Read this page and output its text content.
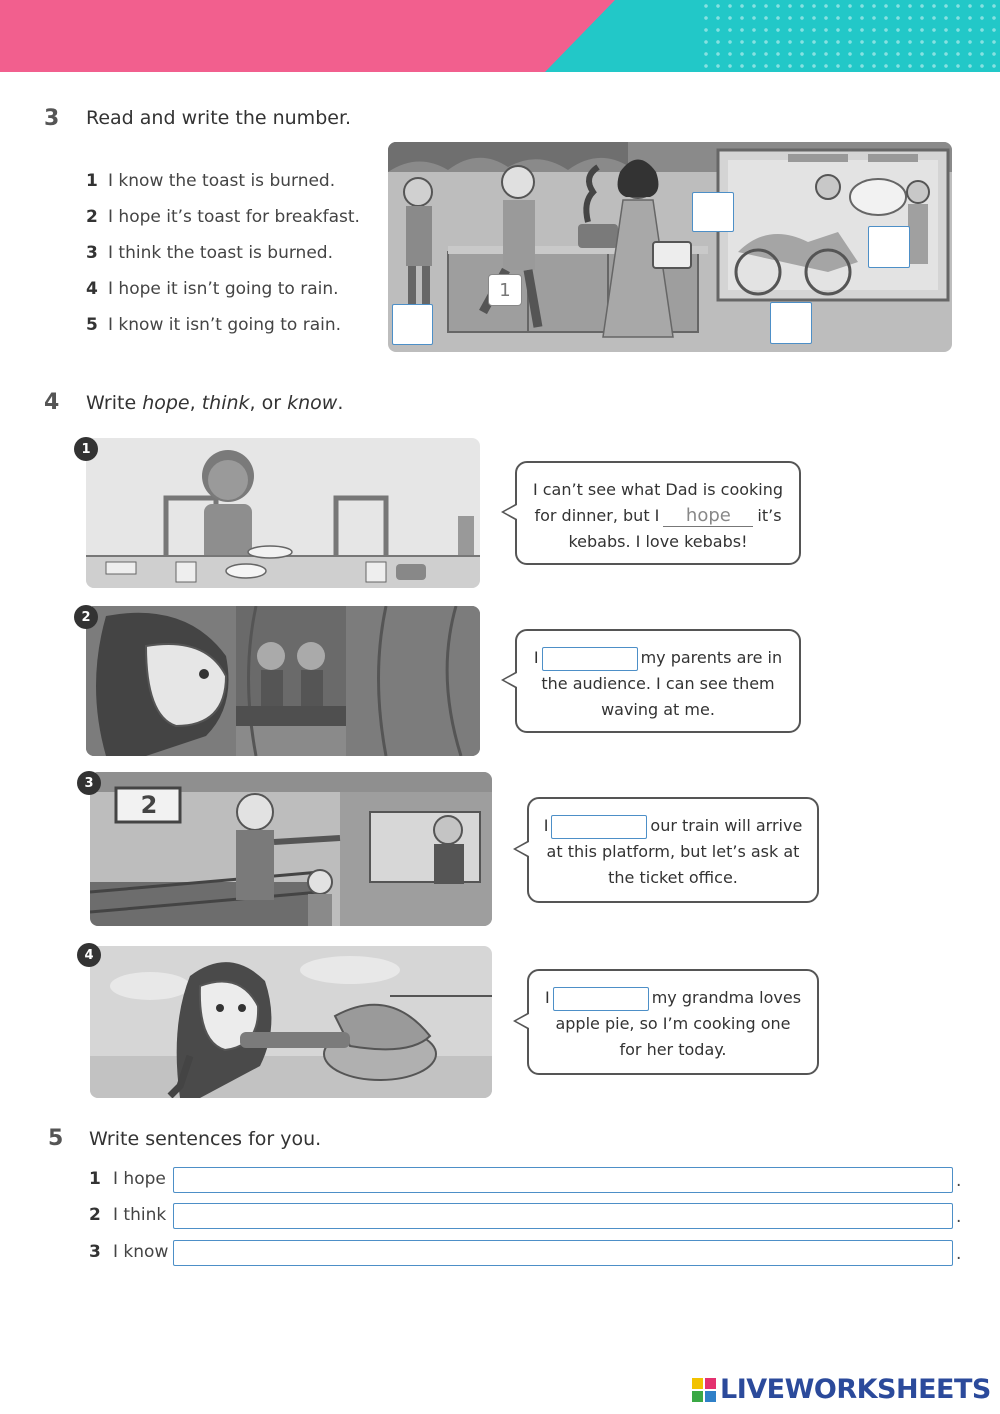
3 Read and write the number.
1 I know the toast is burned.
2 I hope it’s toast for breakfast.
3 I think the toast is burned.
4 I hope it isn’t going to rain.
5 I know it isn’t going to rain.
1
4 Write hope, think, or know.
1
I can’t see what Dad is cooking
for dinner, but I hope it’s
kebabs. I love kebabs!
2
I	my parents are in
the audience. I can see them
waving at me.
3
2
I	our train will arrive
at this platform, but let’s ask at
the ticket office.
4
I	my grandma loves
apple pie, so I’m cooking one
for her today.
5 Write sentences for you.
1 I hope	.
2 I think	.
3 I know	.
LIVEWORKSHEETS
